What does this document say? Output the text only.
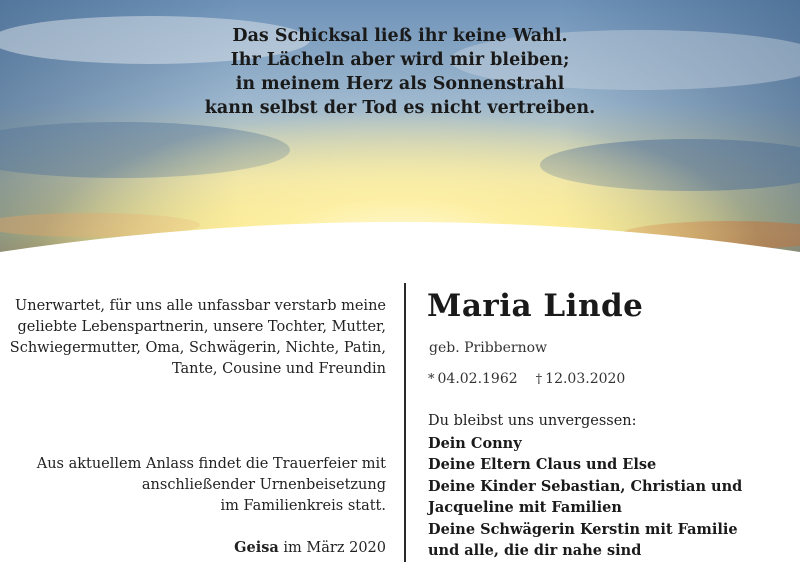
Das Schicksal ließ ihr keine Wahl.
Ihr Lächeln aber wird mir bleiben;
in meinem Herz als Sonnenstrahl
kann selbst der Tod es nicht vertreiben.
Unerwartet, für uns alle unfassbar verstarb meine
geliebte Lebenspartnerin, unsere Tochter, Mutter,
Schwiegermutter, Oma, Schwägerin, Nichte, Patin,
Tante, Cousine und Freundin
Aus aktuellem Anlass findet die Trauerfeier mit
anschließender Urnenbeisetzung
im Familienkreis statt.
Geisa im März 2020
Maria Linde
geb. Pribbernow
* 04.02.1962 † 12.03.2020
Du bleibst uns unvergessen:
Dein Conny
Deine Eltern Claus und Else
Deine Kinder Sebastian, Christian und
Jacqueline mit Familien
Deine Schwägerin Kerstin mit Familie
und alle, die dir nahe sind
